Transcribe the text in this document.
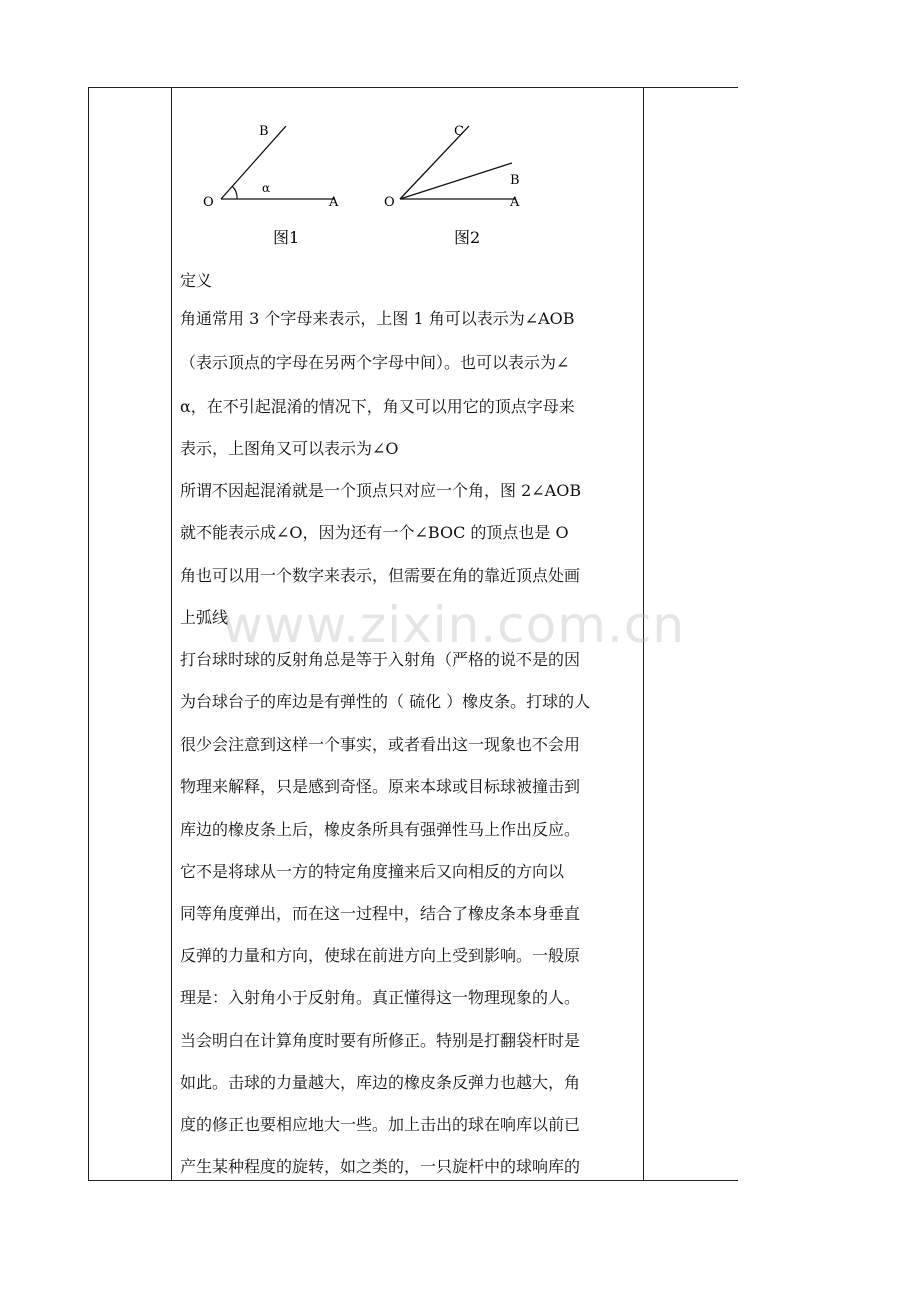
www.zixin.com.cn
O	A
B
α
图1
O	A
B
C
图2
定义
角通常用 3 个字母来表示，上图 1 角可以表示为∠AOB
（表示顶点的字母在另两个字母中间）。也可以表示为∠
α，在不引起混淆的情况下，角又可以用它的顶点字母来
表示，上图角又可以表示为∠O
所谓不因起混淆就是一个顶点只对应一个角，图 2∠AOB
就不能表示成∠O，因为还有一个∠BOC 的顶点也是 O
角也可以用一个数字来表示，但需要在角的靠近顶点处画
上弧线
打台球时球的反射角总是等于入射角（严格的说不是的因
为台球台子的库边是有弹性的（ 硫化 ）橡皮条。打球的人
很少会注意到这样一个事实，或者看出这一现象也不会用
物理来解释，只是感到奇怪。原来本球或目标球被撞击到
库边的橡皮条上后，橡皮条所具有强弹性马上作出反应。
它不是将球从一方的特定角度撞来后又向相反的方向以
同等角度弹出，而在这一过程中，结合了橡皮条本身垂直
反弹的力量和方向，使球在前进方向上受到影响。一般原
理是：入射角小于反射角。真正懂得这一物理现象的人。
当会明白在计算角度时要有所修正。特别是打翻袋杆时是
如此。击球的力量越大，库边的橡皮条反弹力也越大，角
度的修正也要相应地大一些。加上击出的球在响库以前已
产生某种程度的旋转，如之类的，一只旋杆中的球响库的
